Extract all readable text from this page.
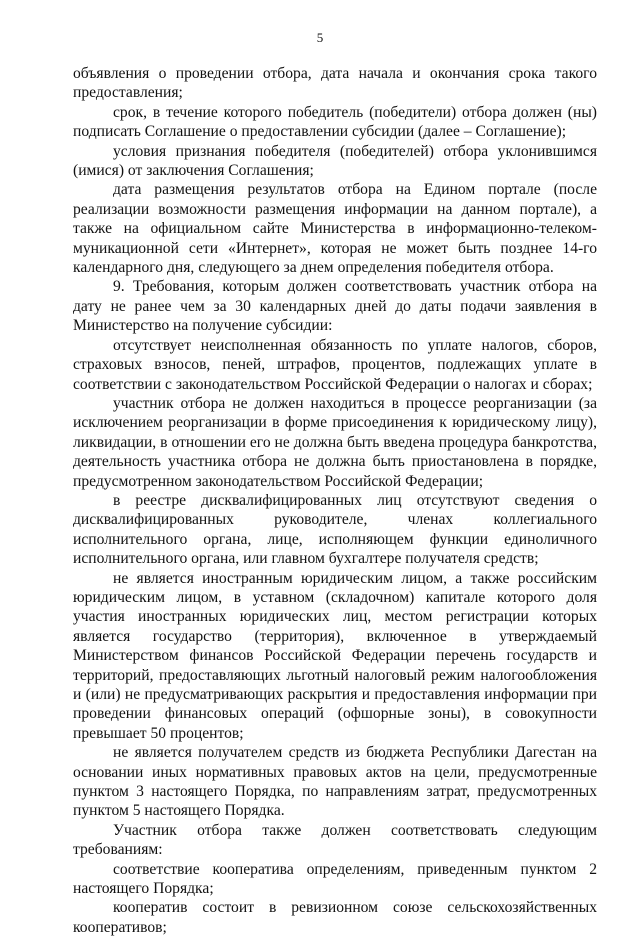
5

объявления о проведении отбора, дата начала и окончания срока такого предоставления;

срок, в течение которого победитель (победители) отбора должен (ны) подписать Соглашение о предоставлении субсидии (далее – Соглашение);

условия признания победителя (победителей) отбора уклонившимся (имися) от заключения Соглашения;

дата размещения результатов отбора на Едином портале (после реализации возможности размещения информации на данном портале), а также на официальном сайте Министерства в информационно-телеком-муникационной сети «Интернет», которая не может быть позднее 14-го календарного дня, следующего за днем определения победителя отбора.

9. Требования, которым должен соответствовать участник отбора на дату не ранее чем за 30 календарных дней до даты подачи заявления в Министерство на получение субсидии:

отсутствует неисполненная обязанность по уплате налогов, сборов, страховых взносов, пеней, штрафов, процентов, подлежащих уплате в соответствии с законодательством Российской Федерации о налогах и сборах;

участник отбора не должен находиться в процессе реорганизации (за исключением реорганизации в форме присоединения к юридическому лицу), ликвидации, в отношении его не должна быть введена процедура банкротства, деятельность участника отбора не должна быть приостановлена в порядке, предусмотренном законодательством Российской Федерации;

в реестре дисквалифицированных лиц отсутствуют сведения о дисквалифицированных руководителе, членах коллегиального исполнительного органа, лице, исполняющем функции единоличного исполнительного органа, или главном бухгалтере получателя средств;

не является иностранным юридическим лицом, а также российским юридическим лицом, в уставном (складочном) капитале которого доля участия иностранных юридических лиц, местом регистрации которых является государство (территория), включенное в утверждаемый Министерством финансов Российской Федерации перечень государств и территорий, предоставляющих льготный налоговый режим налогообложения и (или) не предусматривающих раскрытия и предоставления информации при проведении финансовых операций (офшорные зоны), в совокупности превышает 50 процентов;

не является получателем средств из бюджета Республики Дагестан на основании иных нормативных правовых актов на цели, предусмотренные пунктом 3 настоящего Порядка, по направлениям затрат, предусмотренных пунктом 5 настоящего Порядка.

Участник отбора также должен соответствовать следующим требованиям:

соответствие кооператива определениям, приведенным пунктом 2 настоящего Порядка;

кооператив состоит в ревизионном союзе сельскохозяйственных кооперативов;
